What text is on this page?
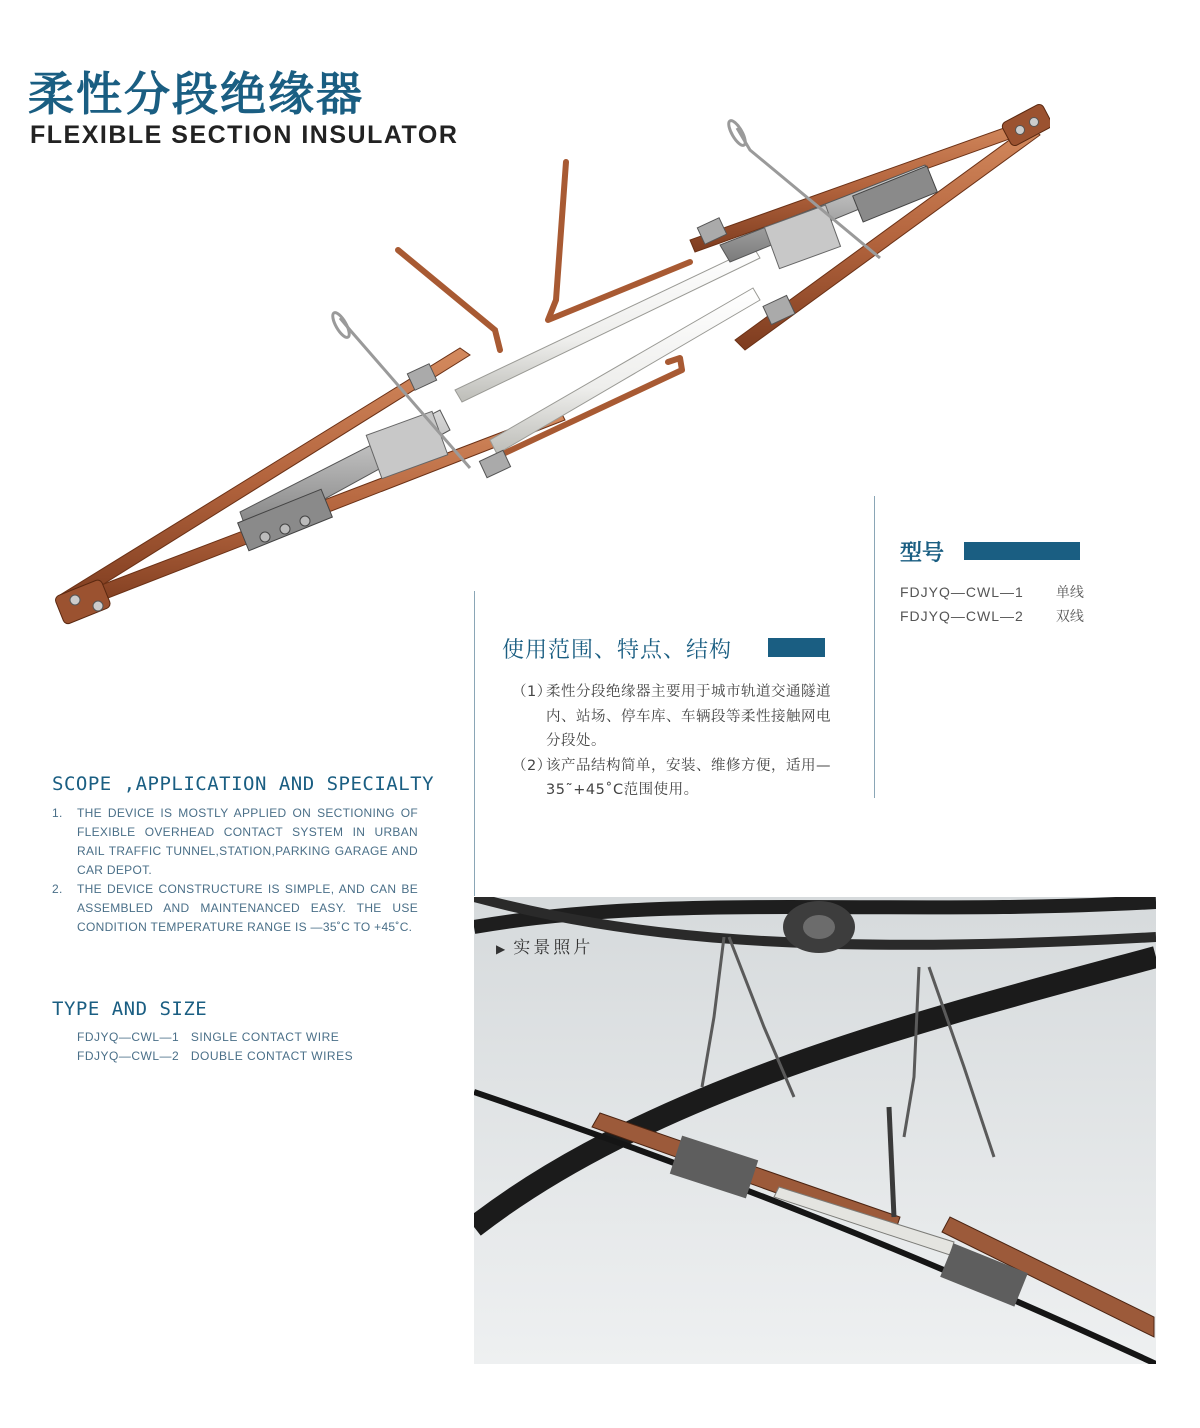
柔性分段绝缘器
FLEXIBLE SECTION INSULATOR
型号
FDJYQ—CWL—1 单线
FDJYQ—CWL—2 双线
使用范围、特点、结构
（1）
柔性分段绝缘器主要用于城市轨道交通隧道内、站场、停车库、车辆段等柔性接触网电分段处。
（2）
该产品结构简单，安装、维修方便，适用—35˜+45˚C范围使用。
SCOPE ,APPLICATION AND SPECIALTY
1. THE DEVICE IS MOSTLY APPLIED ON SECTIONING OF FLEXIBLE OVERHEAD CONTACT SYSTEM IN URBAN RAIL TRAFFIC TUNNEL,STATION,PARKING GARAGE AND CAR DEPOT.
2. THE DEVICE CONSTRUCTURE IS SIMPLE, AND CAN BE ASSEMBLED AND MAINTENANCED EASY. THE USE CONDITION TEMPERATURE RANGE IS —35˚C TO +45˚C.
TYPE AND SIZE
FDJYQ—CWL—1 SINGLE CONTACT WIRE
FDJYQ—CWL—2 DOUBLE CONTACT WIRES
▶ 实景照片
